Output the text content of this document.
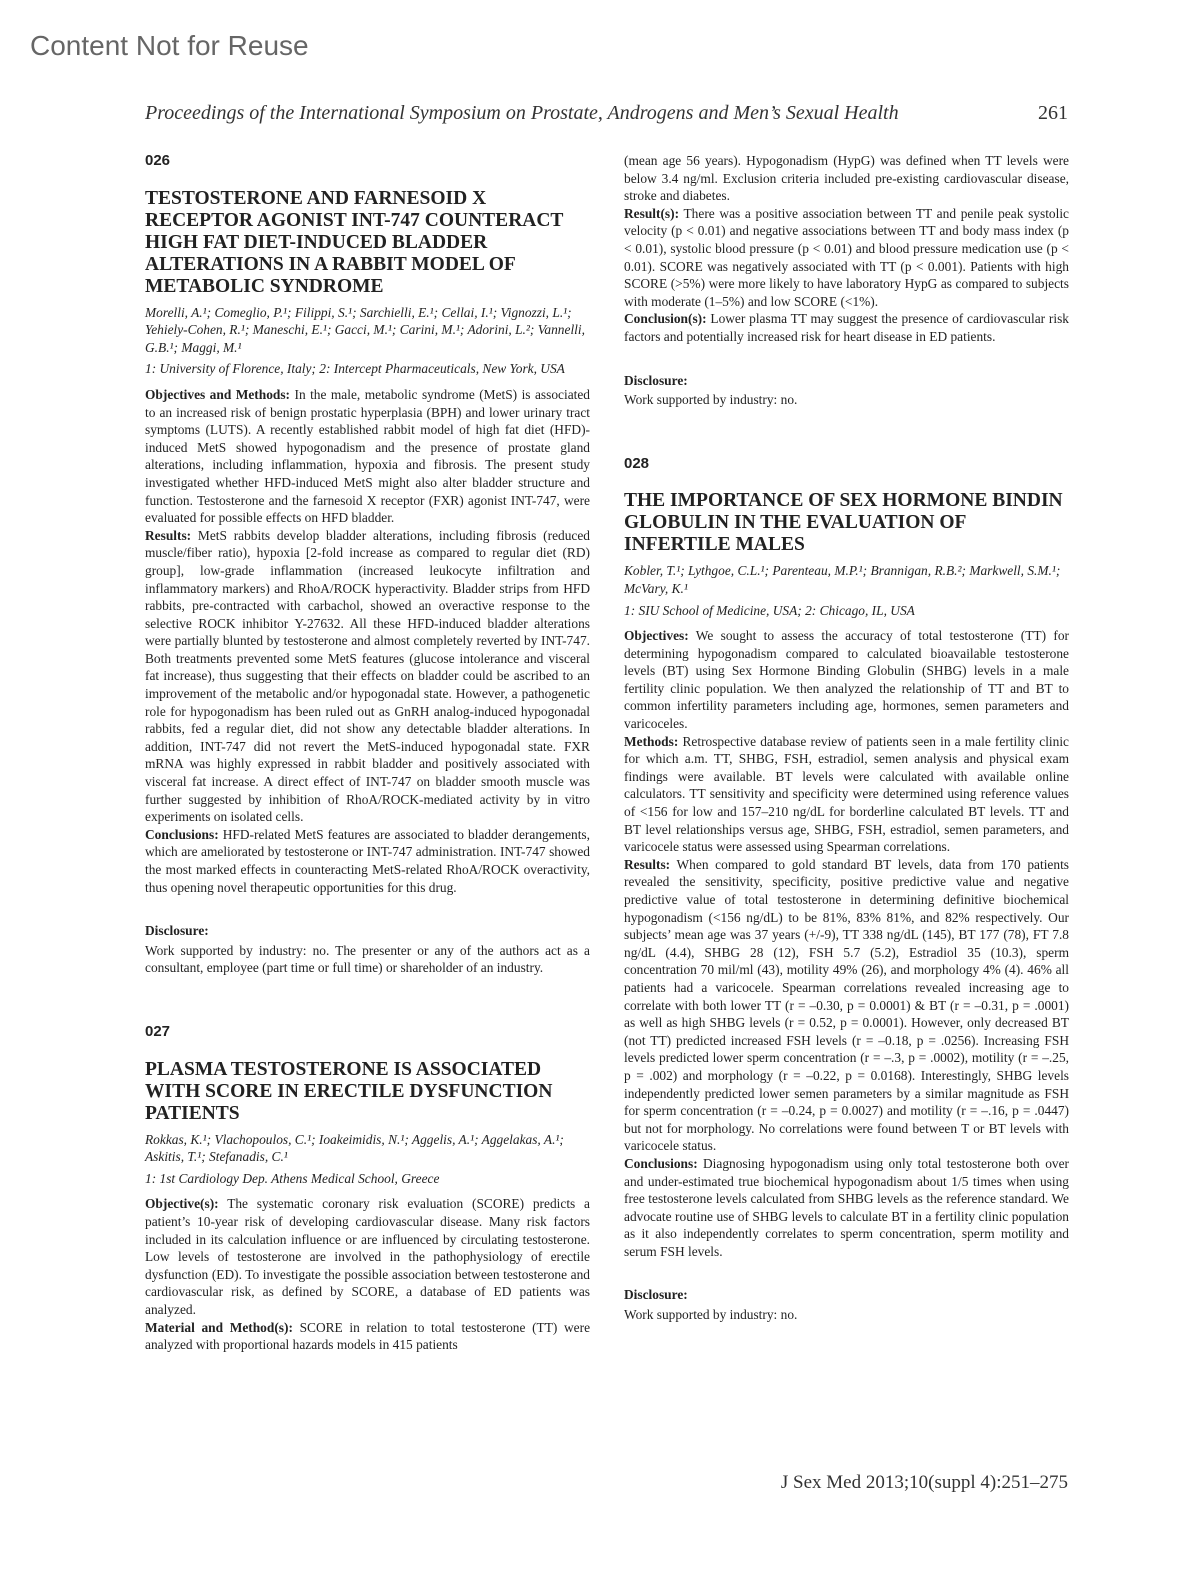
Content Not for Reuse
Proceedings of the International Symposium on Prostate, Androgens and Men’s Sexual Health	261
026
TESTOSTERONE AND FARNESOID X RECEPTOR AGONIST INT-747 COUNTERACT HIGH FAT DIET-INDUCED BLADDER ALTERATIONS IN A RABBIT MODEL OF METABOLIC SYNDROME

Morelli, A.¹; Comeglio, P.¹; Filippi, S.¹; Sarchielli, E.¹; Cellai, I.¹; Vignozzi, L.¹; Yehiely-Cohen, R.¹; Maneschi, E.¹; Gacci, M.¹; Carini, M.¹; Adorini, L.²; Vannelli, G.B.¹; Maggi, M.¹

1: University of Florence, Italy; 2: Intercept Pharmaceuticals, New York, USA

Objectives and Methods: In the male, metabolic syndrome (MetS) is associated to an increased risk of benign prostatic hyperplasia (BPH) and lower urinary tract symptoms (LUTS). A recently established rabbit model of high fat diet (HFD)-induced MetS showed hypogonadism and the presence of prostate gland alterations, including inflammation, hypoxia and fibrosis. The present study investigated whether HFD-induced MetS might also alter bladder structure and function. Testosterone and the farnesoid X receptor (FXR) agonist INT-747, were evaluated for possible effects on HFD bladder.

Results: MetS rabbits develop bladder alterations, including fibrosis (reduced muscle/fiber ratio), hypoxia [2-fold increase as compared to regular diet (RD) group], low-grade inflammation (increased leukocyte infiltration and inflammatory markers) and RhoA/ROCK hyperactivity. Bladder strips from HFD rabbits, pre-contracted with carbachol, showed an overactive response to the selective ROCK inhibitor Y-27632. All these HFD-induced bladder alterations were partially blunted by testosterone and almost completely reverted by INT-747. Both treatments prevented some MetS features (glucose intolerance and visceral fat increase), thus suggesting that their effects on bladder could be ascribed to an improvement of the metabolic and/or hypogonadal state. However, a pathogenetic role for hypogonadism has been ruled out as GnRH analog-induced hypogonadal rabbits, fed a regular diet, did not show any detectable bladder alterations. In addition, INT-747 did not revert the MetS-induced hypogonadal state. FXR mRNA was highly expressed in rabbit bladder and positively associated with visceral fat increase. A direct effect of INT-747 on bladder smooth muscle was further suggested by inhibition of RhoA/ROCK-mediated activity by in vitro experiments on isolated cells.

Conclusions: HFD-related MetS features are associated to bladder derangements, which are ameliorated by testosterone or INT-747 administration. INT-747 showed the most marked effects in counteracting MetS-related RhoA/ROCK overactivity, thus opening novel therapeutic opportunities for this drug.

Disclosure:

Work supported by industry: no. The presenter or any of the authors act as a consultant, employee (part time or full time) or shareholder of an industry.

027
PLASMA TESTOSTERONE IS ASSOCIATED WITH SCORE IN ERECTILE DYSFUNCTION PATIENTS

Rokkas, K.¹; Vlachopoulos, C.¹; Ioakeimidis, N.¹; Aggelis, A.¹; Aggelakas, A.¹; Askitis, T.¹; Stefanadis, C.¹

1: 1st Cardiology Dep. Athens Medical School, Greece

Objective(s): The systematic coronary risk evaluation (SCORE) predicts a patient’s 10-year risk of developing cardiovascular disease. Many risk factors included in its calculation influence or are influenced by circulating testosterone. Low levels of testosterone are involved in the pathophysiology of erectile dysfunction (ED). To investigate the possible association between testosterone and cardiovascular risk, as defined by SCORE, a database of ED patients was analyzed.

Material and Method(s): SCORE in relation to total testosterone (TT) were analyzed with proportional hazards models in 415 patients

(mean age 56 years). Hypogonadism (HypG) was defined when TT levels were below 3.4 ng/ml. Exclusion criteria included pre-existing cardiovascular disease, stroke and diabetes.

Result(s): There was a positive association between TT and penile peak systolic velocity (p < 0.01) and negative associations between TT and body mass index (p < 0.01), systolic blood pressure (p < 0.01) and blood pressure medication use (p < 0.01). SCORE was negatively associated with TT (p < 0.001). Patients with high SCORE (>5%) were more likely to have laboratory HypG as compared to subjects with moderate (1–5%) and low SCORE (<1%).

Conclusion(s): Lower plasma TT may suggest the presence of cardiovascular risk factors and potentially increased risk for heart disease in ED patients.

Disclosure:

Work supported by industry: no.

028
THE IMPORTANCE OF SEX HORMONE BINDIN GLOBULIN IN THE EVALUATION OF INFERTILE MALES

Kobler, T.¹; Lythgoe, C.L.¹; Parenteau, M.P.¹; Brannigan, R.B.²; Markwell, S.M.¹; McVary, K.¹

1: SIU School of Medicine, USA; 2: Chicago, IL, USA

Objectives: We sought to assess the accuracy of total testosterone (TT) for determining hypogonadism compared to calculated bioavailable testosterone levels (BT) using Sex Hormone Binding Globulin (SHBG) levels in a male fertility clinic population. We then analyzed the relationship of TT and BT to common infertility parameters including age, hormones, semen parameters and varicoceles.

Methods: Retrospective database review of patients seen in a male fertility clinic for which a.m. TT, SHBG, FSH, estradiol, semen analysis and physical exam findings were available. BT levels were calculated with available online calculators. TT sensitivity and specificity were determined using reference values of <156 for low and 157–210 ng/dL for borderline calculated BT levels. TT and BT level relationships versus age, SHBG, FSH, estradiol, semen parameters, and varicocele status were assessed using Spearman correlations.

Results: When compared to gold standard BT levels, data from 170 patients revealed the sensitivity, specificity, positive predictive value and negative predictive value of total testosterone in determining definitive biochemical hypogonadism (<156 ng/dL) to be 81%, 83% 81%, and 82% respectively. Our subjects’ mean age was 37 years (+/-9), TT 338 ng/dL (145), BT 177 (78), FT 7.8 ng/dL (4.4), SHBG 28 (12), FSH 5.7 (5.2), Estradiol 35 (10.3), sperm concentration 70 mil/ml (43), motility 49% (26), and morphology 4% (4). 46% all patients had a varicocele. Spearman correlations revealed increasing age to correlate with both lower TT (r = –0.30, p = 0.0001) & BT (r = –0.31, p = .0001) as well as high SHBG levels (r = 0.52, p = 0.0001). However, only decreased BT (not TT) predicted increased FSH levels (r = –0.18, p = .0256). Increasing FSH levels predicted lower sperm concentration (r = –.3, p = .0002), motility (r = –.25, p = .002) and morphology (r = –0.22, p = 0.0168). Interestingly, SHBG levels independently predicted lower semen parameters by a similar magnitude as FSH for sperm concentration (r = –0.24, p = 0.0027) and motility (r = –.16, p = .0447) but not for morphology. No correlations were found between T or BT levels with varicocele status.

Conclusions: Diagnosing hypogonadism using only total testosterone both over and under-estimated true biochemical hypogonadism about 1/5 times when using free testosterone levels calculated from SHBG levels as the reference standard. We advocate routine use of SHBG levels to calculate BT in a fertility clinic population as it also independently correlates to sperm concentration, sperm motility and serum FSH levels.

Disclosure:

Work supported by industry: no.

J Sex Med 2013;10(suppl 4):251–275
